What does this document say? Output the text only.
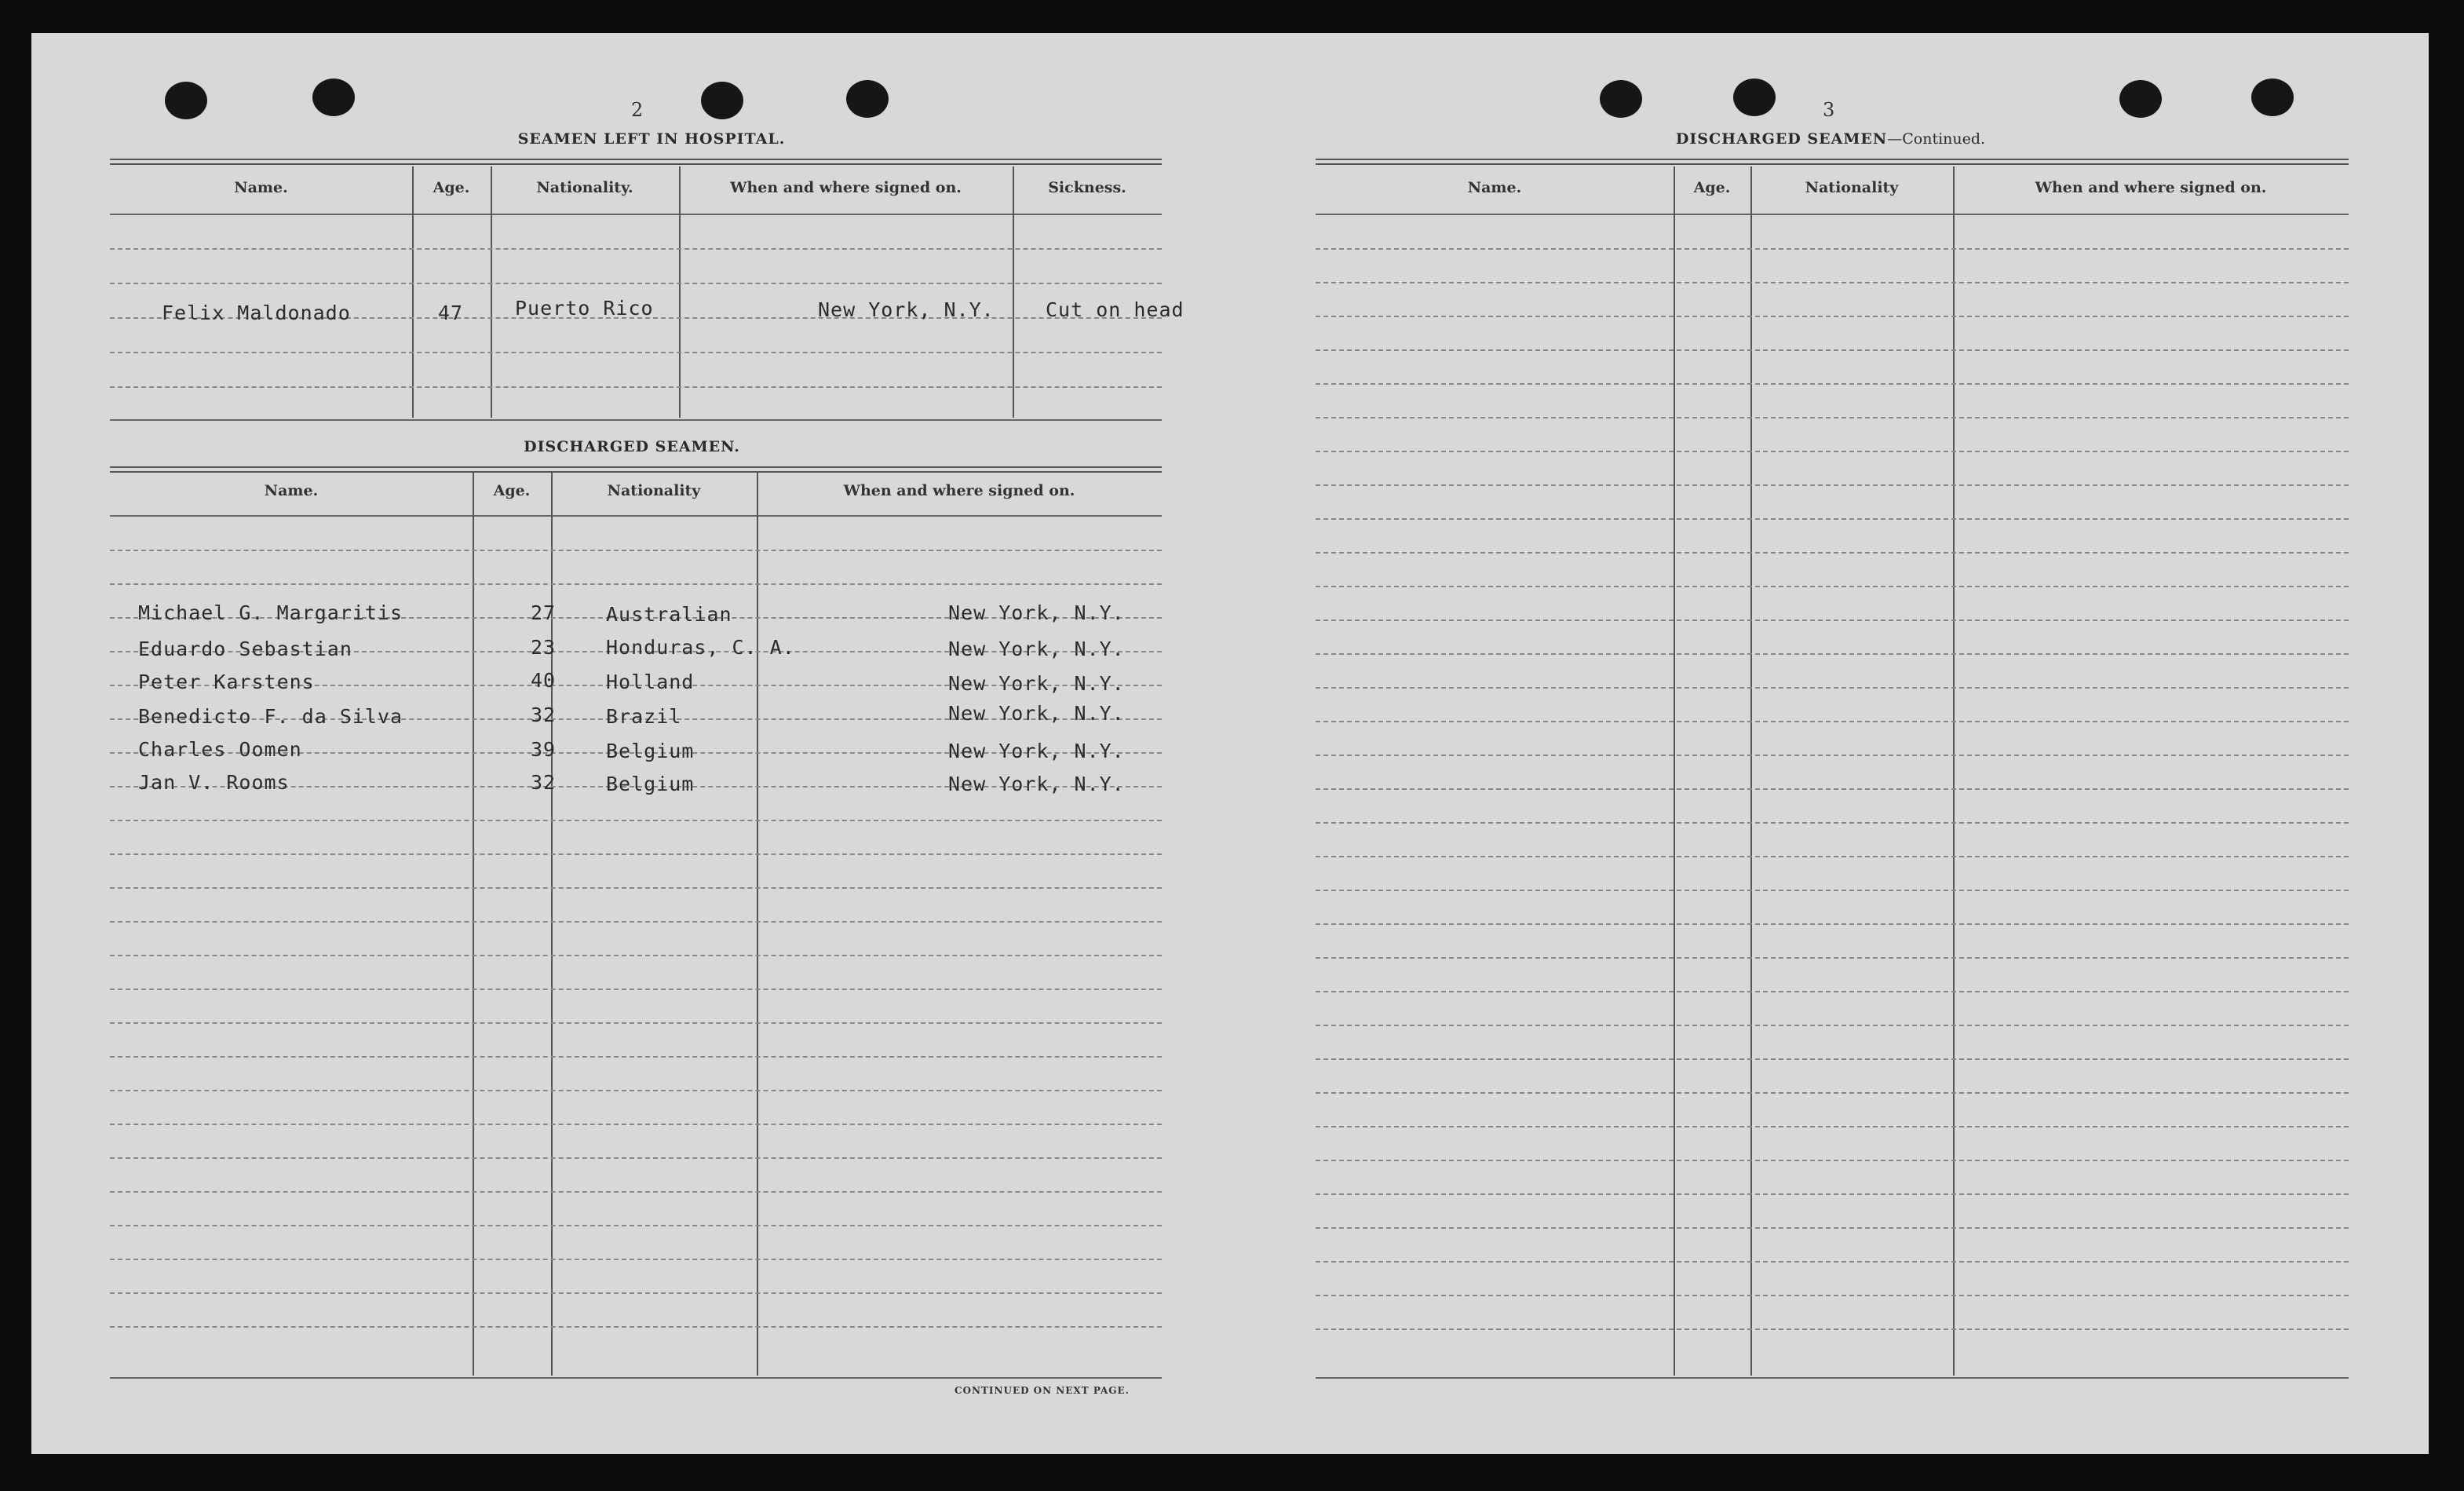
2
SEAMEN LEFT IN HOSPITAL.
Name.	Age.	Nationality.	When and where signed on.	Sickness.
Felix Maldonado	47	Puerto Rico	New York, N.Y.	Cut on head
DISCHARGED SEAMEN.
Name.	Age.	Nationality	When and where signed on.
Michael G. Margaritis	27	Australian	New York, N.Y.
Eduardo Sebastian	23	Honduras, C. A.	New York, N.Y.
Peter Karstens	40	Holland	New York, N.Y.
Benedicto F. da Silva	32	Brazil	New York, N.Y.
Charles Oomen	39	Belgium	New York, N.Y.
Jan V. Rooms	32	Belgium	New York, N.Y.
CONTINUED ON NEXT PAGE.
3
DISCHARGED SEAMEN—Continued.
Name.	Age.	Nationality	When and where signed on.
